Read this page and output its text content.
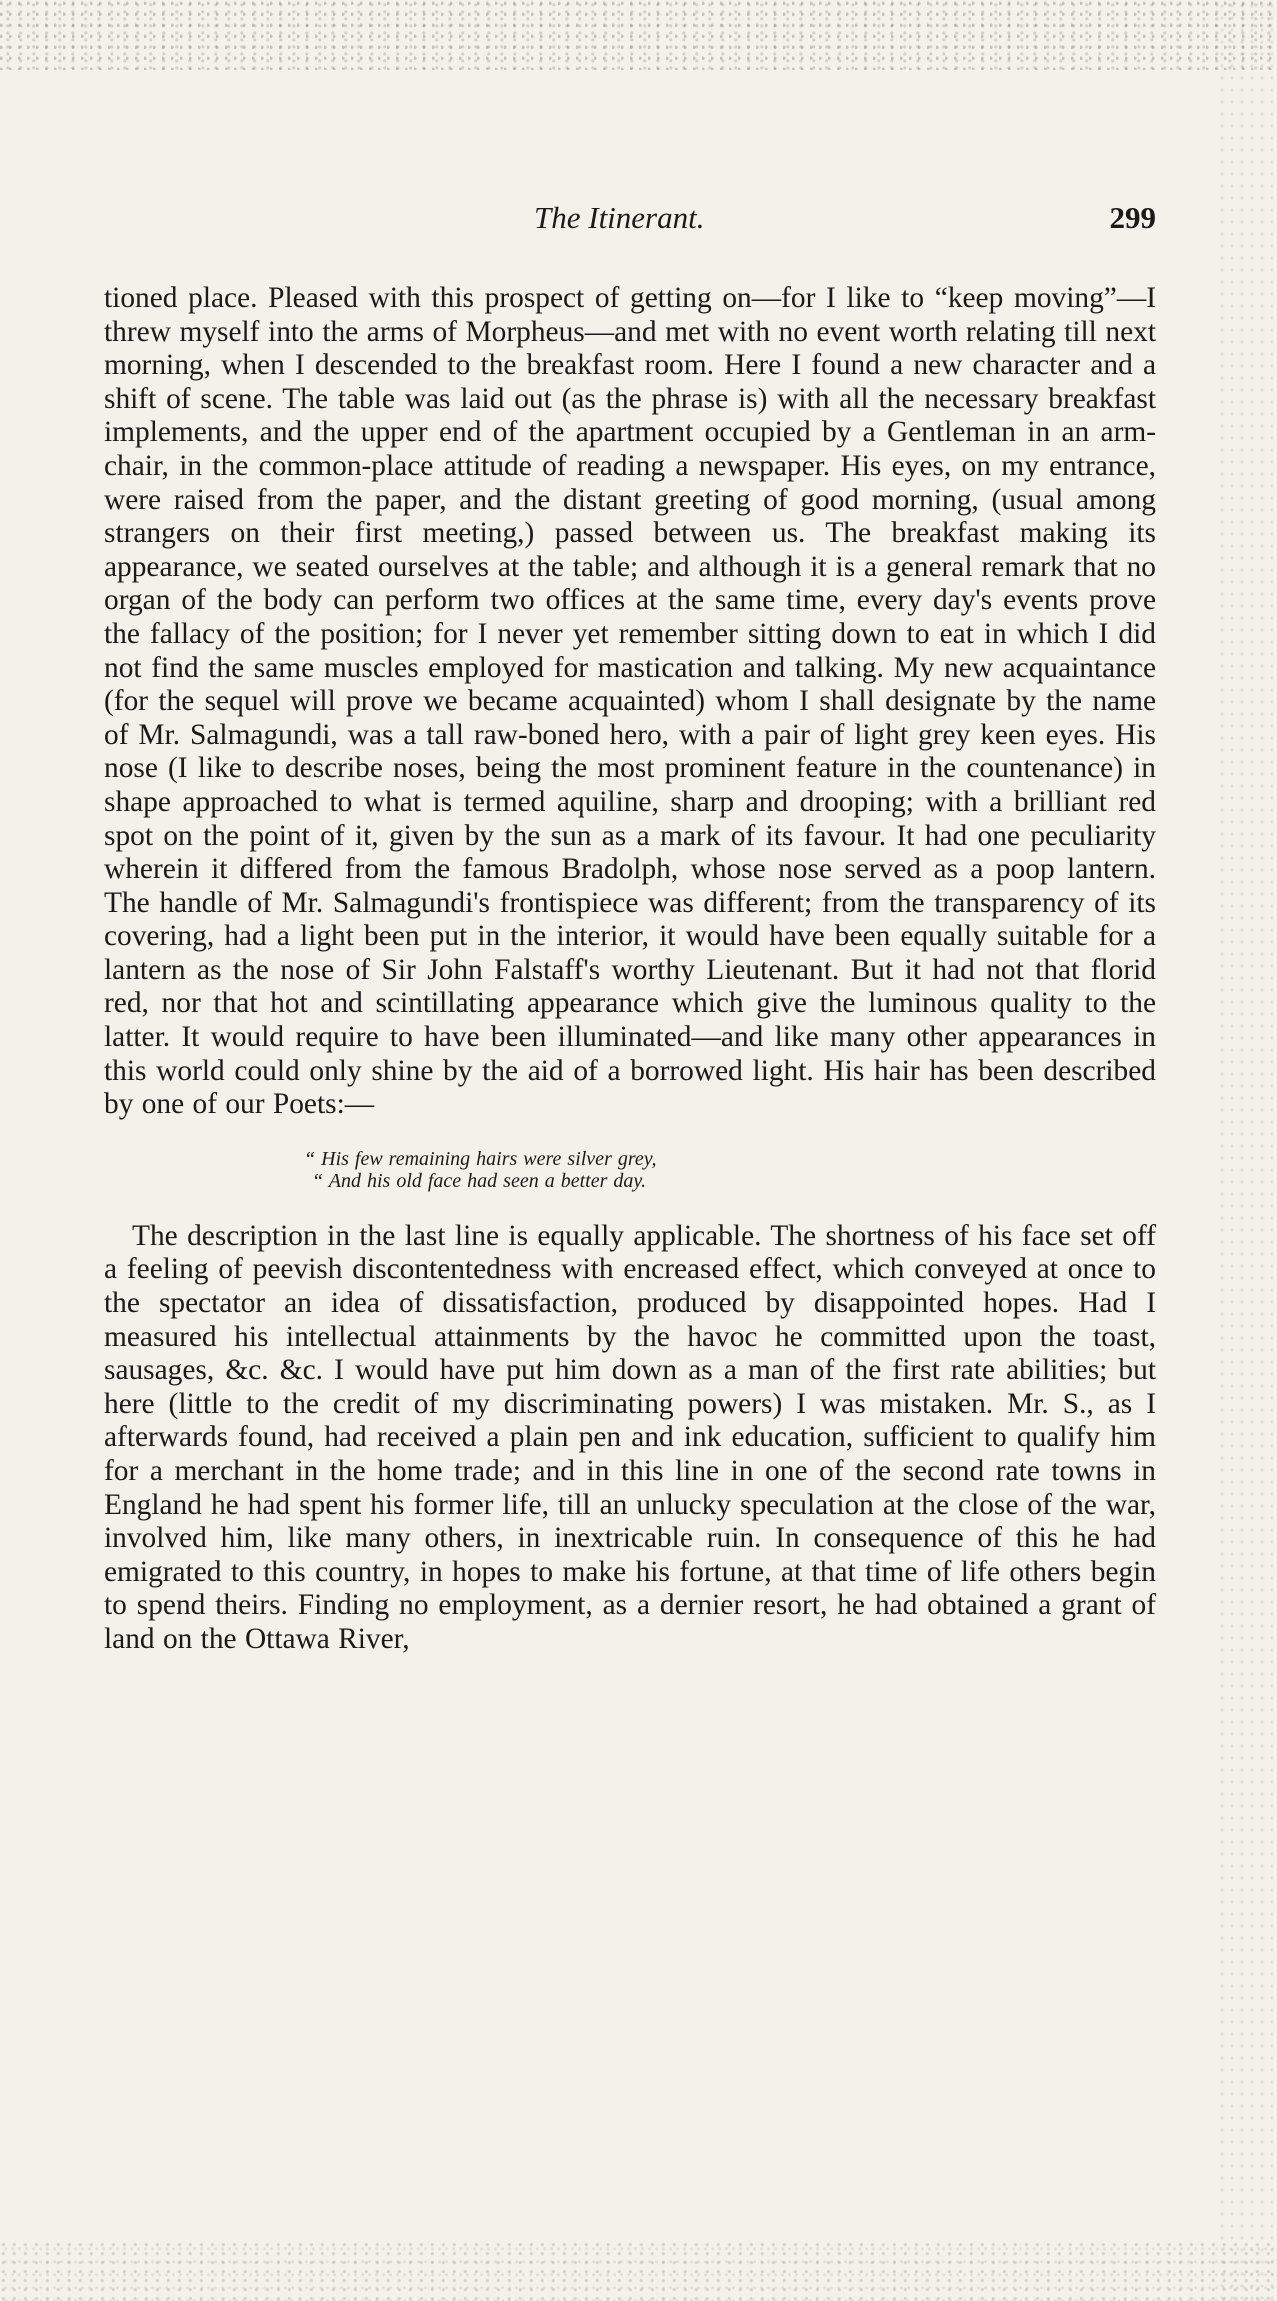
The Itinerant.	299

tioned place. Pleased with this prospect of getting on—for I like to “keep moving”—I threw myself into the arms of Morpheus—and met with no event worth relating till next morning, when I descended to the breakfast room. Here I found a new character and a shift of scene. The table was laid out (as the phrase is) with all the necessary breakfast implements, and the upper end of the apartment occupied by a Gentleman in an arm-chair, in the common-place attitude of reading a newspaper. His eyes, on my entrance, were raised from the paper, and the distant greeting of good morning, (usual among strangers on their first meeting,) passed between us. The breakfast making its appearance, we seated ourselves at the table; and although it is a general remark that no organ of the body can perform two offices at the same time, every day's events prove the fallacy of the position; for I never yet remember sitting down to eat in which I did not find the same muscles employed for mastication and talking. My new acquaintance (for the sequel will prove we became acquainted) whom I shall designate by the name of Mr. Salmagundi, was a tall raw-boned hero, with a pair of light grey keen eyes. His nose (I like to describe noses, being the most prominent feature in the countenance) in shape approached to what is termed aquiline, sharp and drooping; with a brilliant red spot on the point of it, given by the sun as a mark of its favour. It had one peculiarity wherein it differed from the famous Bradolph, whose nose served as a poop lantern. The handle of Mr. Salmagundi's frontispiece was different; from the transparency of its covering, had a light been put in the interior, it would have been equally suitable for a lantern as the nose of Sir John Falstaff's worthy Lieutenant. But it had not that florid red, nor that hot and scintillating appearance which give the luminous quality to the latter. It would require to have been illuminated—and like many other appearances in this world could only shine by the aid of a borrowed light. His hair has been described by one of our Poets:—

“ His few remaining hairs were silver grey,
“ And his old face had seen a better day.

The description in the last line is equally applicable. The shortness of his face set off a feeling of peevish discontentedness with encreased effect, which conveyed at once to the spectator an idea of dissatisfaction, produced by disappointed hopes. Had I measured his intellectual attainments by the havoc he committed upon the toast, sausages, &c. &c. I would have put him down as a man of the first rate abilities; but here (little to the credit of my discriminating powers) I was mistaken. Mr. S., as I afterwards found, had received a plain pen and ink education, sufficient to qualify him for a merchant in the home trade; and in this line in one of the second rate towns in England he had spent his former life, till an unlucky speculation at the close of the war, involved him, like many others, in inextricable ruin. In consequence of this he had emigrated to this country, in hopes to make his fortune, at that time of life others begin to spend theirs. Finding no employment, as a dernier resort, he had obtained a grant of land on the Ottawa River,
